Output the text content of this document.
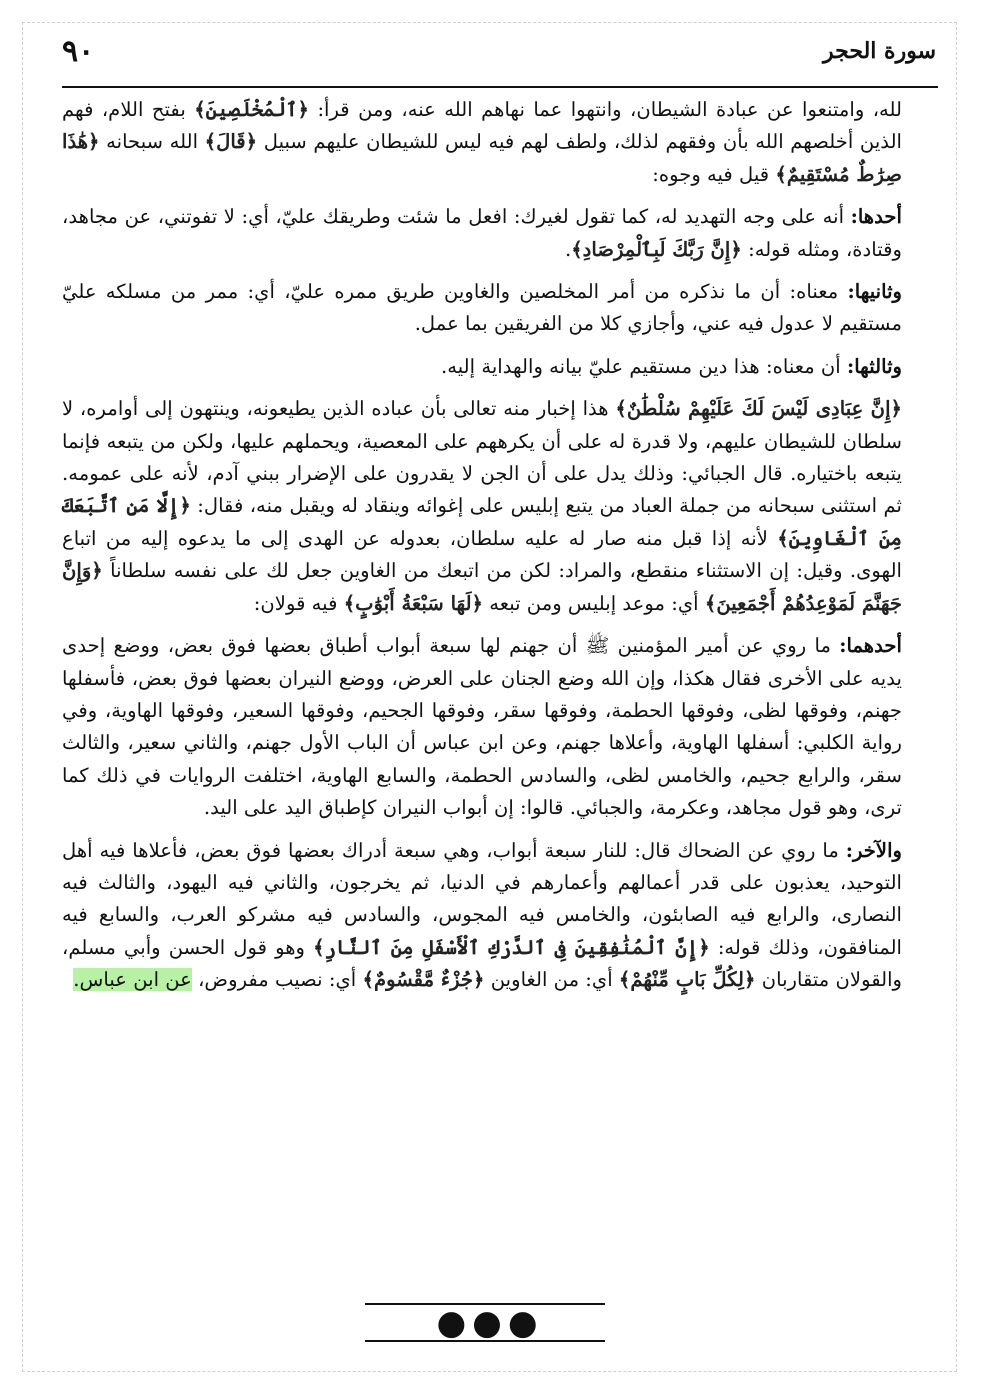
٩٠	سورة الحجر

لله، وامتنعوا عن عبادة الشيطان، وانتهوا عما نهاهم الله عنه، ومن قرأ: ﴿ٱلْمُخْلَصِينَ﴾ بفتح اللام، فهم الذين أخلصهم الله بأن وفقهم لذلك، ولطف لهم فيه ليس للشيطان عليهم سبيل ﴿قَالَ﴾ الله سبحانه ﴿هَٰذَا صِرَٰطٌ مُسْتَقِيمٌ﴾ قيل فيه وجوه:

أحدها: أنه على وجه التهديد له، كما تقول لغيرك: افعل ما شئت وطريقك عليّ، أي: لا تفوتني، عن مجاهد، وقتادة، ومثله قوله: ﴿إِنَّ رَبَّكَ لَبِٱلْمِرْصَادِ﴾.

وثانيها: معناه: أن ما نذكره من أمر المخلصين والغاوين طريق ممره عليّ، أي: ممر من مسلكه عليّ مستقيم لا عدول فيه عني، وأجازي كلا من الفريقين بما عمل.

وثالثها: أن معناه: هذا دين مستقيم عليّ بيانه والهداية إليه.

﴿إِنَّ عِبَادِى لَيْسَ لَكَ عَلَيْهِمْ سُلْطَٰنٌ﴾ هذا إخبار منه تعالى بأن عباده الذين يطيعونه، وينتهون إلى أوامره، لا سلطان للشيطان عليهم، ولا قدرة له على أن يكرههم على المعصية، ويحملهم عليها، ولكن من يتبعه فإنما يتبعه باختياره. قال الجبائي: وذلك يدل على أن الجن لا يقدرون على الإضرار ببني آدم، لأنه على عمومه. ثم استثنى سبحانه من جملة العباد من يتبع إبليس على إغوائه وينقاد له ويقبل منه، فقال: ﴿إِلَّا مَنِ ٱتَّبَعَكَ مِنَ ٱلْغَاوِينَ﴾ لأنه إذا قبل منه صار له عليه سلطان، بعدوله عن الهدى إلى ما يدعوه إليه من اتباع الهوى. وقيل: إن الاستثناء منقطع، والمراد: لكن من اتبعك من الغاوين جعل لك على نفسه سلطاناً ﴿وَإِنَّ جَهَنَّمَ لَمَوْعِدُهُمْ أَجْمَعِينَ﴾ أي: موعد إبليس ومن تبعه ﴿لَهَا سَبْعَةُ أَبْوَٰبٍ﴾ فيه قولان:

أحدهما: ما روي عن أمير المؤمنين ﷺ أن جهنم لها سبعة أبواب أطباق بعضها فوق بعض، ووضع إحدى يديه على الأخرى فقال هكذا، وإن الله وضع الجنان على العرض، ووضع النيران بعضها فوق بعض، فأسفلها جهنم، وفوقها لظى، وفوقها الحطمة، وفوقها سقر، وفوقها الجحيم، وفوقها السعير، وفوقها الهاوية، وفي رواية الكلبي: أسفلها الهاوية، وأعلاها جهنم، وعن ابن عباس أن الباب الأول جهنم، والثاني سعير، والثالث سقر، والرابع جحيم، والخامس لظى، والسادس الحطمة، والسابع الهاوية، اختلفت الروايات في ذلك كما ترى، وهو قول مجاهد، وعكرمة، والجبائي. قالوا: إن أبواب النيران كإطباق اليد على اليد.

والآخر: ما روي عن الضحاك قال: للنار سبعة أبواب، وهي سبعة أدراك بعضها فوق بعض، فأعلاها فيه أهل التوحيد، يعذبون على قدر أعمالهم وأعمارهم في الدنيا، ثم يخرجون، والثاني فيه اليهود، والثالث فيه النصارى، والرابع فيه الصابئون، والخامس فيه المجوس، والسادس فيه مشركو العرب، والسابع فيه المنافقون، وذلك قوله: ﴿إِنَّ ٱلْمُنَٰفِقِينَ فِى ٱلدَّرْكِ ٱلْأَسْفَلِ مِنَ ٱلنَّارِ﴾ وهو قول الحسن وأبي مسلم، والقولان متقاربان ﴿لِكُلِّ بَابٍ مِّنْهُمْ﴾ أي: من الغاوين ﴿جُزْءٌ مَّقْسُومٌ﴾ أي: نصيب مفروض، عن ابن عباس.

●●●
